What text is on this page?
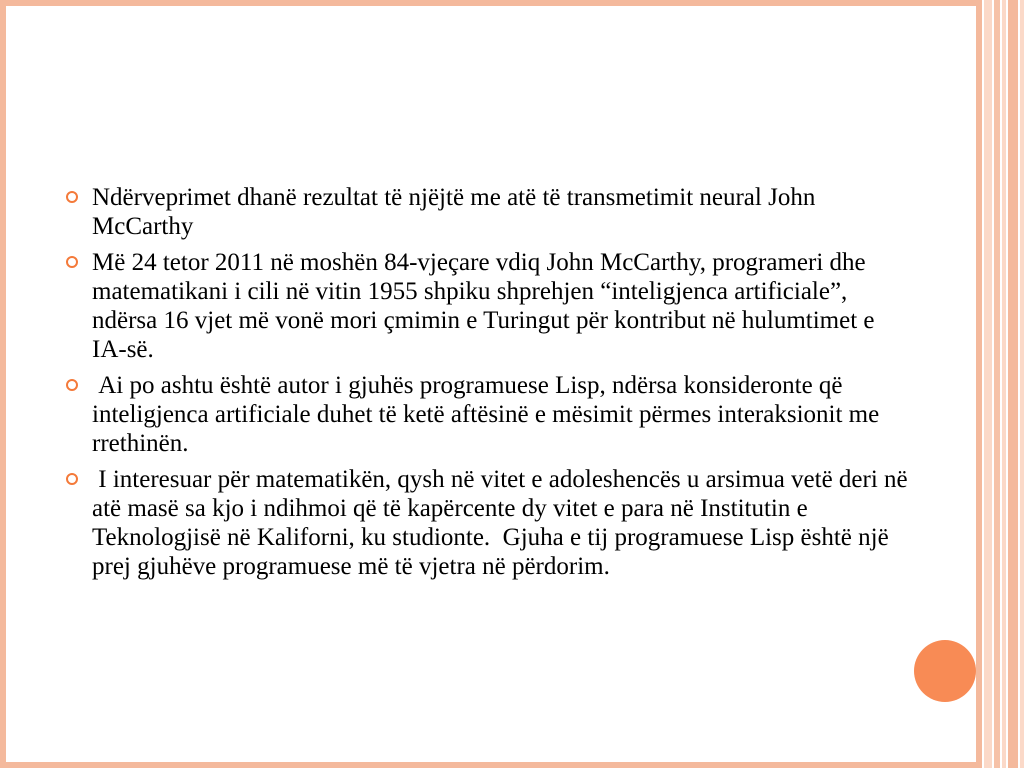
Ndërveprimet dhanë rezultat të njëjtë me atë të transmetimit neural John McCarthy
Më 24 tetor 2011 në moshën 84-vjeçare vdiq John McCarthy, programeri dhe matematikani i cili në vitin 1955 shpiku shprehjen “inteligjenca artificiale”, ndërsa 16 vjet më vonë mori çmimin e Turingut për kontribut në hulumtimet e IA-së.
Ai po ashtu është autor i gjuhës programuese Lisp, ndërsa konsideronte që inteligjenca artificiale duhet të ketë aftësinë e mësimit përmes interaksionit me rrethinën.
I interesuar për matematikën, qysh në vitet e adoleshencës u arsimua vetë deri në atë masë sa kjo i ndihmoi që të kapërcente dy vitet e para në Institutin e Teknologjisë në Kaliforni, ku studionte.  Gjuha e tij programuese Lisp është një prej gjuhëve programuese më të vjetra në përdorim.
